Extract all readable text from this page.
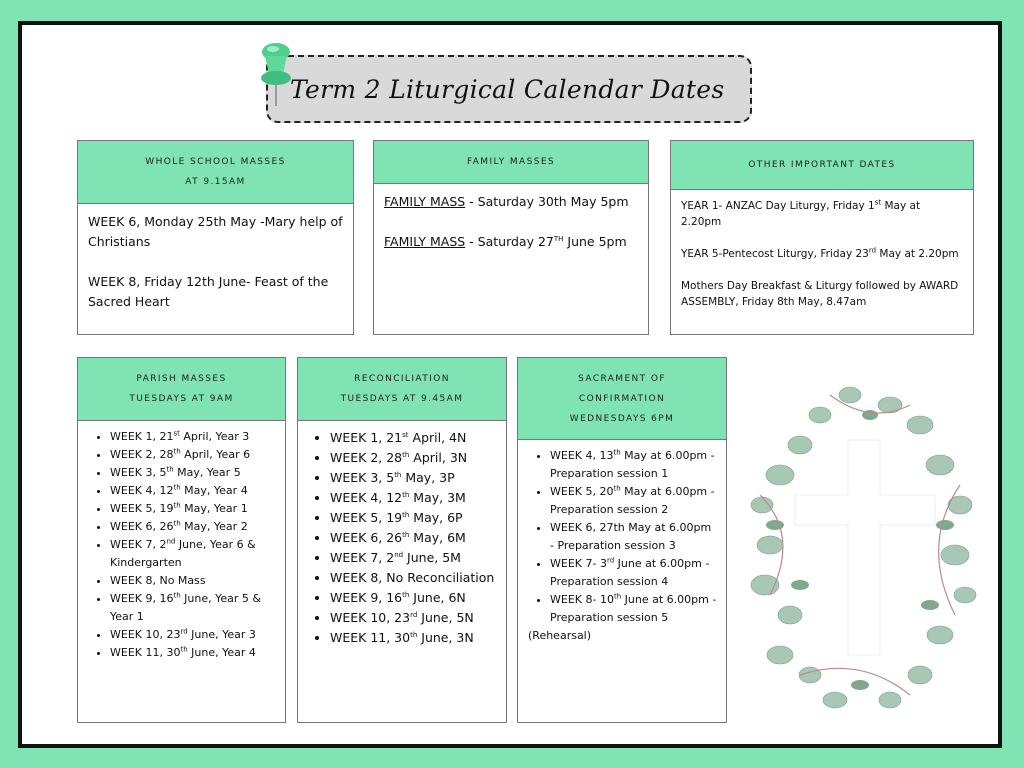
Term 2 Liturgical Calendar Dates
WHOLE SCHOOL MASSES
AT 9.15AM

WEEK 6, Monday 25th May -Mary help of Christians

WEEK 8, Friday 12th June- Feast of the Sacred Heart

FAMILY MASSES

FAMILY MASS - Saturday 30th May 5pm

FAMILY MASS - Saturday 27TH June 5pm

OTHER IMPORTANT DATES

YEAR 1- ANZAC Day Liturgy, Friday 1st May at 2.20pm

YEAR 5-Pentecost Liturgy, Friday 23rd May at 2.20pm

Mothers Day Breakfast & Liturgy followed by AWARD ASSEMBLY, Friday 8th May, 8.47am

PARISH MASSES
TUESDAYS AT 9AM
• WEEK 1, 21st April, Year 3
• WEEK 2, 28th April, Year 6
• WEEK 3, 5th May, Year 5
• WEEK 4, 12th May, Year 4
• WEEK 5, 19th May, Year 1
• WEEK 6, 26th May, Year 2
• WEEK 7, 2nd June, Year 6 & Kindergarten
• WEEK 8, No Mass
• WEEK 9, 16th June, Year 5 & Year 1
• WEEK 10, 23rd June, Year 3
• WEEK 11, 30th June, Year 4
RECONCILIATION
TUESDAYS AT 9.45AM
• WEEK 1, 21st April, 4N
• WEEK 2, 28th April, 3N
• WEEK 3, 5th May, 3P
• WEEK 4, 12th May, 3M
• WEEK 5, 19th May, 6P
• WEEK 6, 26th May, 6M
• WEEK 7, 2nd June, 5M
• WEEK 8, No Reconciliation
• WEEK 9, 16th June, 6N
• WEEK 10, 23rd June, 5N
• WEEK 11, 30th June, 3N
SACRAMENT OF
CONFIRMATION
WEDNESDAYS 6PM
• WEEK 4, 13th May at 6.00pm - Preparation session 1
• WEEK 5, 20th May at 6.00pm - Preparation session 2
• WEEK 6, 27th May at 6.00pm - Preparation session 3
• WEEK 7- 3rd June at 6.00pm - Preparation session 4
• WEEK 8- 10th June at 6.00pm -Preparation session 5

(Rehearsal)
